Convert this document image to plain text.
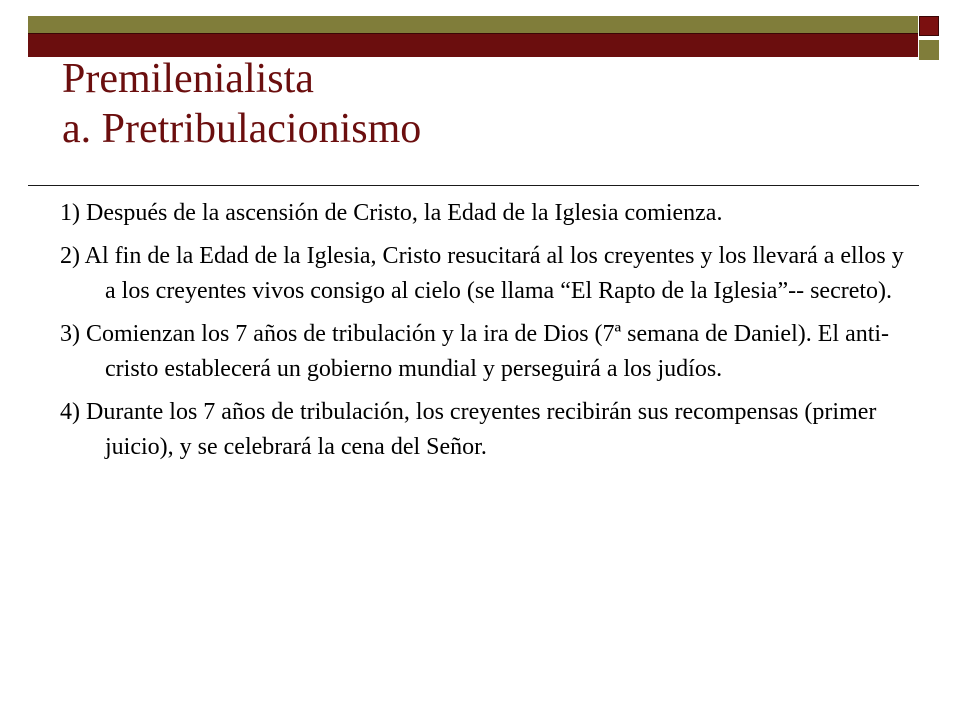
Premilenialista
a. Pretribulacionismo
1) Después de la ascensión de Cristo, la Edad de la Iglesia comienza.
2) Al fin de la Edad de la Iglesia, Cristo resucitará al los creyentes y los llevará a ellos y a los creyentes vivos consigo al cielo (se llama “El Rapto de la Iglesia”-- secreto).
3) Comienzan los 7 años de tribulación y la ira de Dios (7ª semana de Daniel). El anti-cristo establecerá un gobierno mundial y perseguirá a los judíos.
4) Durante los 7 años de tribulación, los creyentes recibirán sus recompensas (primer juicio), y se celebrará la cena del Señor.
